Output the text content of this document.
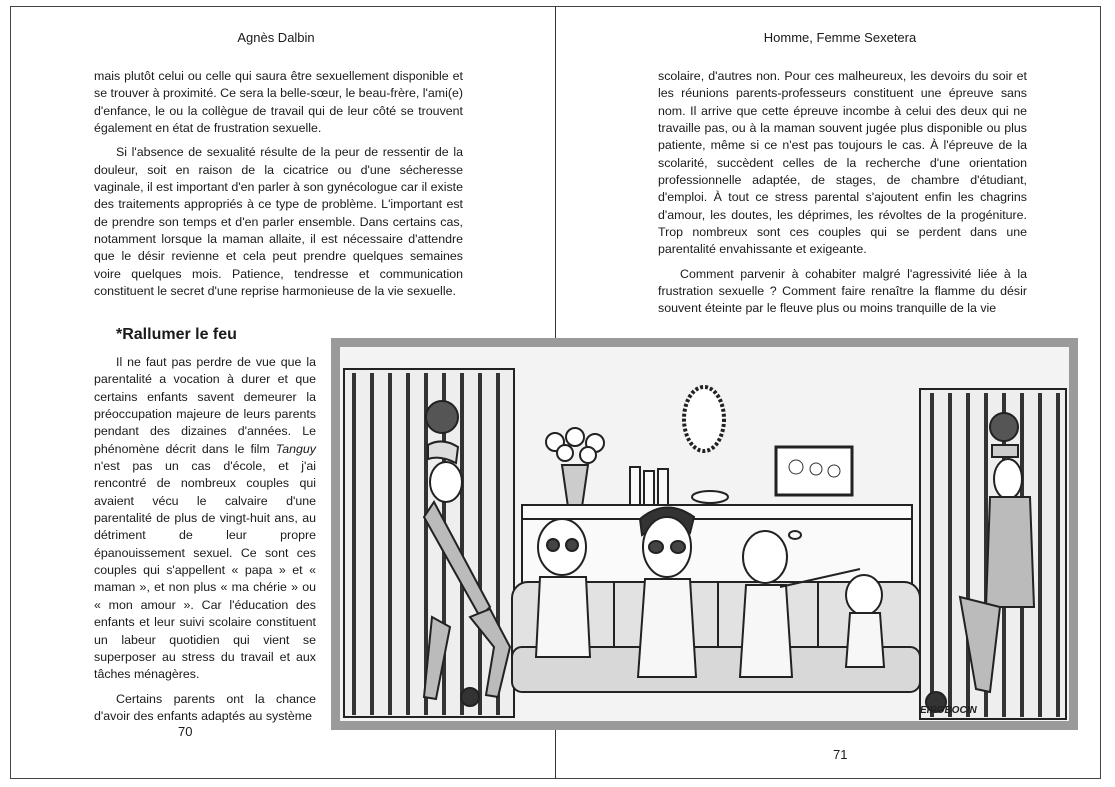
Agnès Dalbin

mais plutôt celui ou celle qui saura être sexuellement disponible et se trouver à proximité. Ce sera la belle-sœur, le beau-frère, l'ami(e) d'enfance, le ou la collègue de travail qui de leur côté se trouvent également en état de frustration sexuelle.

Si l'absence de sexualité résulte de la peur de ressentir de la douleur, soit en raison de la cicatrice ou d'une sécheresse vaginale, il est important d'en parler à son gynécologue car il existe des traitements appropriés à ce type de problème. L'important est de prendre son temps et d'en parler ensemble. Dans certains cas, notamment lorsque la maman allaite, il est nécessaire d'attendre que le désir revienne et cela peut prendre quelques semaines voire quelques mois. Patience, tendresse et communication constituent le secret d'une reprise harmonieuse de la vie sexuelle.

*Rallumer le feu

Il ne faut pas perdre de vue que la parentalité a vocation à durer et que certains enfants savent demeurer la préoccupation majeure de leurs parents pendant des dizaines d'années. Le phénomène décrit dans le film Tanguy n'est pas un cas d'école, et j'ai rencontré de nombreux couples qui avaient vécu le calvaire d'une parentalité de plus de vingt-huit ans, au détriment de leur propre épanouissement sexuel. Ce sont ces couples qui s'appellent « papa » et « maman », et non plus « ma chérie » ou « mon amour ». Car l'éducation des enfants et leur suivi scolaire constituent un labeur quotidien qui vient se superposer au stress du travail et aux tâches ménagères.

Certains parents ont la chance d'avoir des enfants adaptés au système

70
Homme, Femme Sexetera

scolaire, d'autres non. Pour ces malheureux, les devoirs du soir et les réunions parents-professeurs constituent une épreuve sans nom. Il arrive que cette épreuve incombe à celui des deux qui ne travaille pas, ou à la maman souvent jugée plus disponible ou plus patiente, même si ce n'est pas toujours le cas. À l'épreuve de la scolarité, succèdent celles de la recherche d'une orientation professionnelle adaptée, de stages, de chambre d'étudiant, d'emploi. À tout ce stress parental s'ajoutent enfin les chagrins d'amour, les doutes, les déprimes, les révoltes de la progéniture. Trop nombreux sont ces couples qui se perdent dans une parentalité envahissante et exigeante.

Comment parvenir à cohabiter malgré l'agressivité liée à la frustration sexuelle ? Comment faire renaître la flamme du désir souvent éteinte par le fleuve plus ou moins tranquille de la vie

71
EIROBOCIN
